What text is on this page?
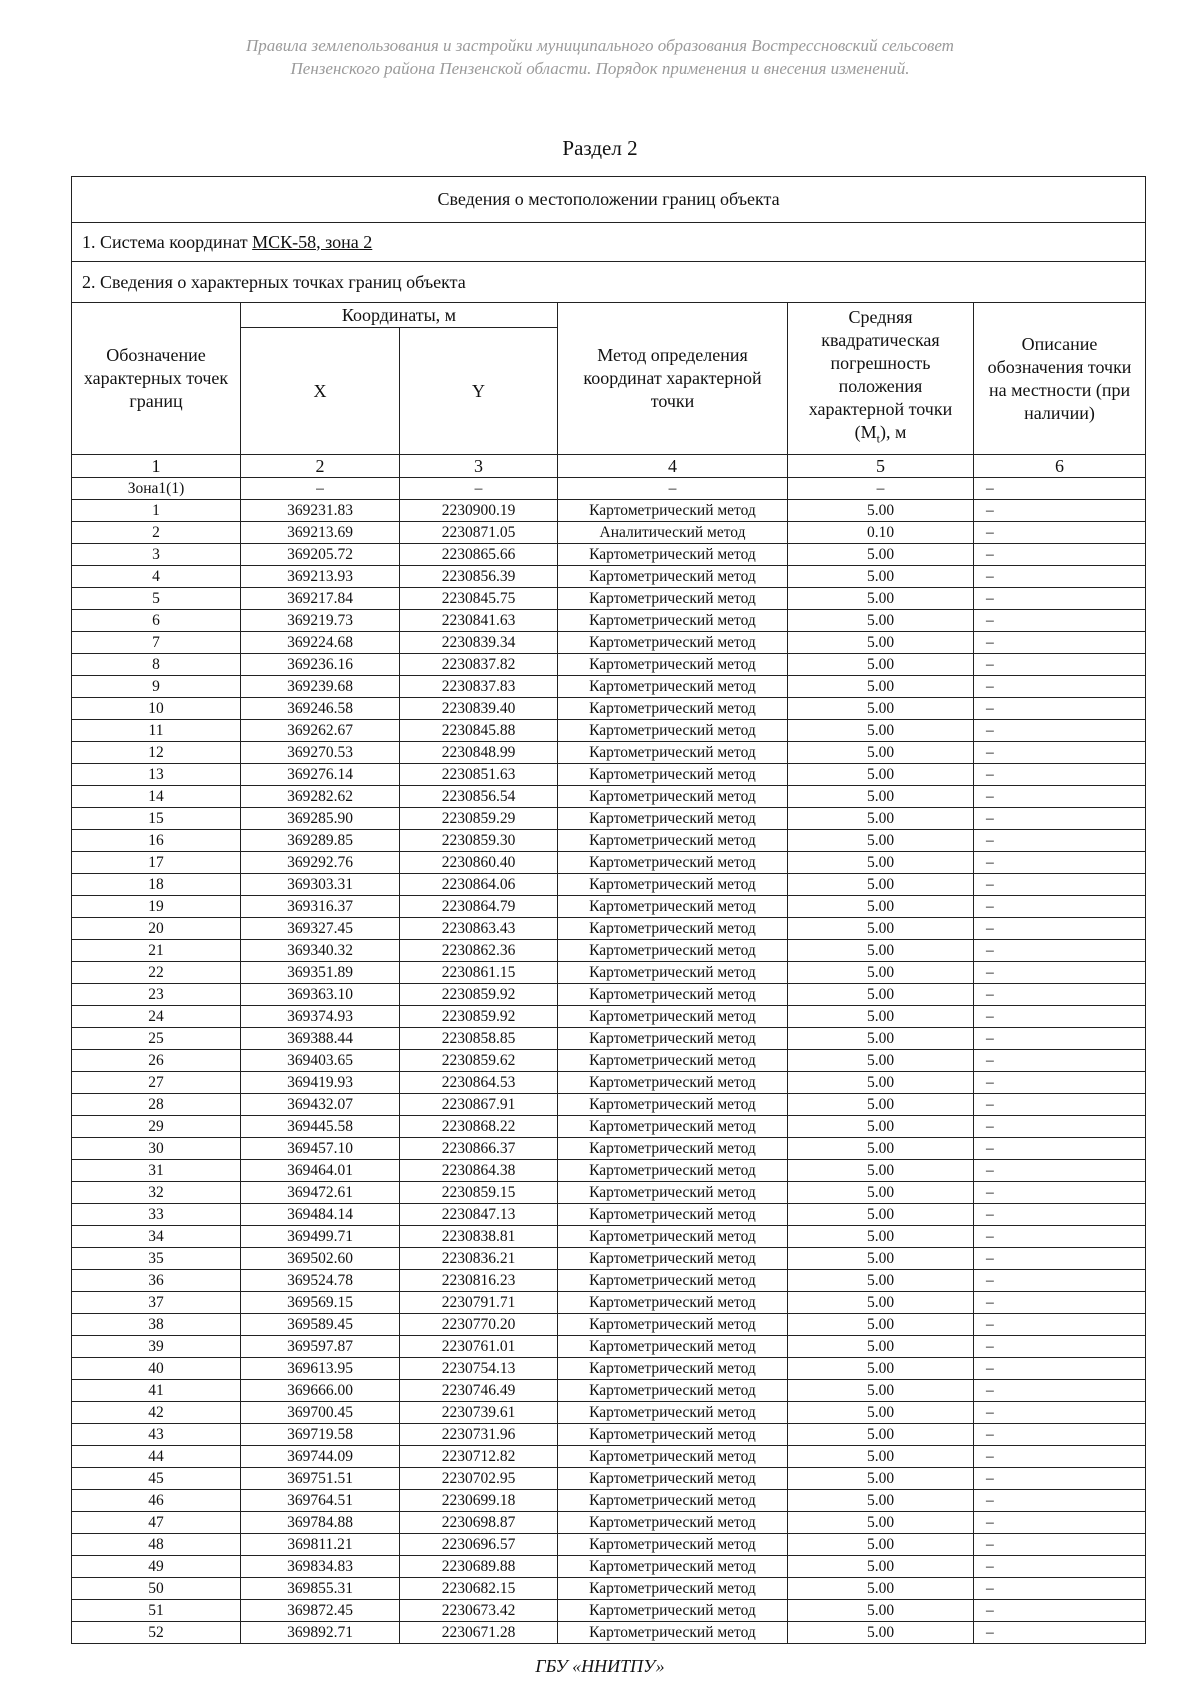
Правила землепользования и застройки муниципального образования Вострессновский сельсовет
Пензенского района Пензенской области. Порядок применения и внесения изменений.
Раздел 2
Сведения о местоположении границ объекта					
1. Система координат МСК-58, зона 2					
2. Сведения о характерных точках границ объекта					
Обозначение характерных точек границ	Координаты, м		Метод определения координат характерной точки	Средняя квадратическая погрешность положения характерной точки $(M_t)$, м	Описание обозначения точки на местности (при наличии)
	X	Y			
1	2	3	4	5	6
Зона1(1)	–	–	–	–	–
1	369231.83	2230900.19	Картометрический метод	5.00	–
2	369213.69	2230871.05	Аналитический метод	0.10	–
3	369205.72	2230865.66	Картометрический метод	5.00	–
4	369213.93	2230856.39	Картометрический метод	5.00	–
5	369217.84	2230845.75	Картометрический метод	5.00	–
6	369219.73	2230841.63	Картометрический метод	5.00	–
7	369224.68	2230839.34	Картометрический метод	5.00	–
8	369236.16	2230837.82	Картометрический метод	5.00	–
9	369239.68	2230837.83	Картометрический метод	5.00	–
10	369246.58	2230839.40	Картометрический метод	5.00	–
11	369262.67	2230845.88	Картометрический метод	5.00	–
12	369270.53	2230848.99	Картометрический метод	5.00	–
13	369276.14	2230851.63	Картометрический метод	5.00	–
14	369282.62	2230856.54	Картометрический метод	5.00	–
15	369285.90	2230859.29	Картометрический метод	5.00	–
16	369289.85	2230859.30	Картометрический метод	5.00	–
17	369292.76	2230860.40	Картометрический метод	5.00	–
18	369303.31	2230864.06	Картометрический метод	5.00	–
19	369316.37	2230864.79	Картометрический метод	5.00	–
20	369327.45	2230863.43	Картометрический метод	5.00	–
21	369340.32	2230862.36	Картометрический метод	5.00	–
22	369351.89	2230861.15	Картометрический метод	5.00	–
23	369363.10	2230859.92	Картометрический метод	5.00	–
24	369374.93	2230859.92	Картометрический метод	5.00	–
25	369388.44	2230858.85	Картометрический метод	5.00	–
26	369403.65	2230859.62	Картометрический метод	5.00	–
27	369419.93	2230864.53	Картометрический метод	5.00	–
28	369432.07	2230867.91	Картометрический метод	5.00	–
29	369445.58	2230868.22	Картометрический метод	5.00	–
30	369457.10	2230866.37	Картометрический метод	5.00	–
31	369464.01	2230864.38	Картометрический метод	5.00	–
32	369472.61	2230859.15	Картометрический метод	5.00	–
33	369484.14	2230847.13	Картометрический метод	5.00	–
34	369499.71	2230838.81	Картометрический метод	5.00	–
35	369502.60	2230836.21	Картометрический метод	5.00	–
36	369524.78	2230816.23	Картометрический метод	5.00	–
37	369569.15	2230791.71	Картометрический метод	5.00	–
38	369589.45	2230770.20	Картометрический метод	5.00	–
39	369597.87	2230761.01	Картометрический метод	5.00	–
40	369613.95	2230754.13	Картометрический метод	5.00	–
41	369666.00	2230746.49	Картометрический метод	5.00	–
42	369700.45	2230739.61	Картометрический метод	5.00	–
43	369719.58	2230731.96	Картометрический метод	5.00	–
44	369744.09	2230712.82	Картометрический метод	5.00	–
45	369751.51	2230702.95	Картометрический метод	5.00	–
46	369764.51	2230699.18	Картометрический метод	5.00	–
47	369784.88	2230698.87	Картометрический метод	5.00	–
48	369811.21	2230696.57	Картометрический метод	5.00	–
49	369834.83	2230689.88	Картометрический метод	5.00	–
50	369855.31	2230682.15	Картометрический метод	5.00	–
51	369872.45	2230673.42	Картометрический метод	5.00	–
52	369892.71	2230671.28	Картометрический метод	5.00	–
ГБУ «ННИТПУ»
